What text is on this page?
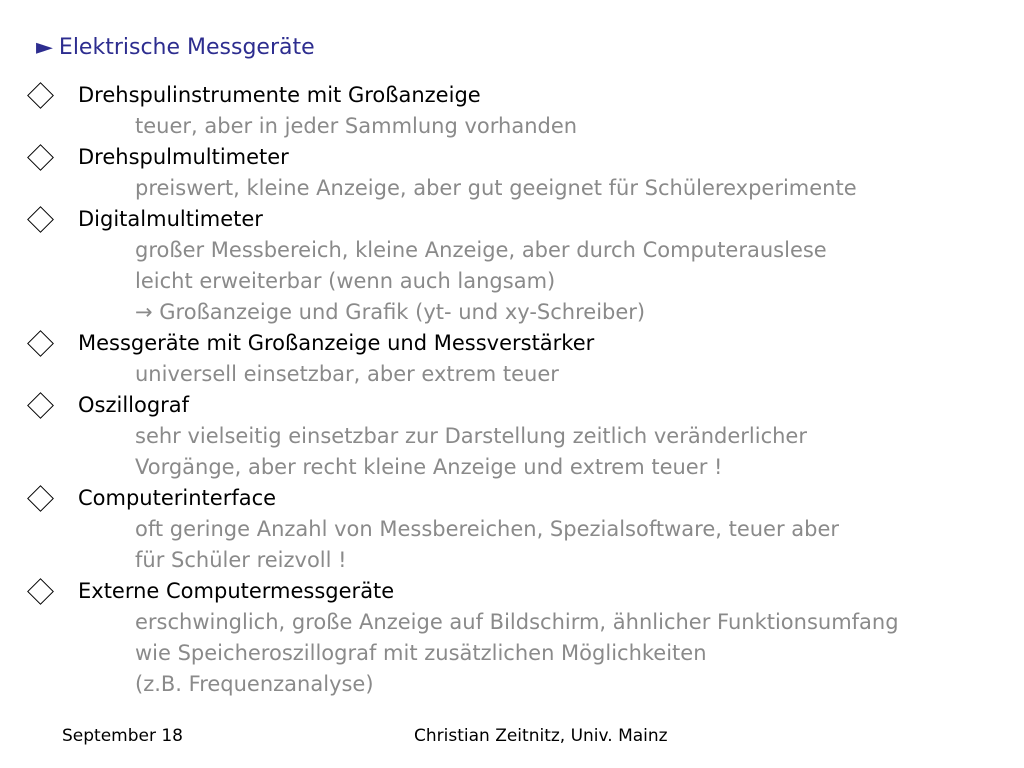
► Elektrische Messgeräte
Drehspulinstrumente mit Großanzeige
teuer, aber in jeder Sammlung vorhanden
Drehspulmultimeter
preiswert, kleine Anzeige, aber gut geeignet für Schülerexperimente
Digitalmultimeter
großer Messbereich, kleine Anzeige, aber durch Computerauslese
leicht erweiterbar (wenn auch langsam)
→ Großanzeige und Grafik (yt- und xy-Schreiber)
Messgeräte mit Großanzeige und Messverstärker
universell einsetzbar, aber extrem teuer
Oszillograf
sehr vielseitig einsetzbar zur Darstellung zeitlich veränderlicher
Vorgänge, aber recht kleine Anzeige und extrem teuer !
Computerinterface
oft geringe Anzahl von Messbereichen, Spezialsoftware, teuer aber
für Schüler reizvoll !
Externe Computermessgeräte
erschwinglich, große Anzeige auf Bildschirm, ähnlicher Funktionsumfang
wie Speicheroszillograf mit zusätzlichen Möglichkeiten
(z.B. Frequenzanalyse)
September 18	Christian Zeitnitz, Univ. Mainz
